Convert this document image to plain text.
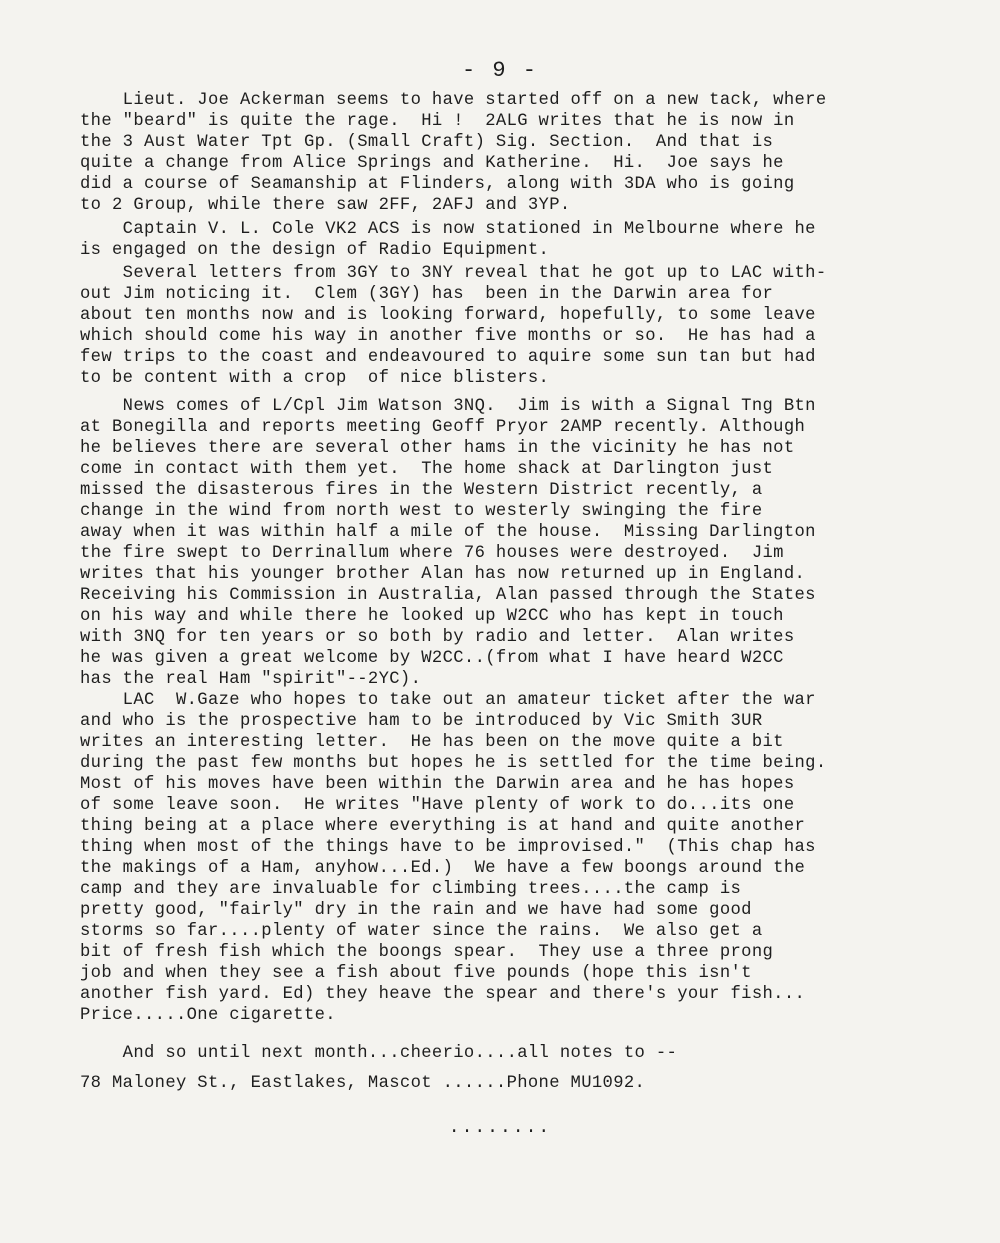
- 9 -
Lieut. Joe Ackerman seems to have started off on a new tack, where
the "beard" is quite the rage.  Hi !  2ALG writes that he is now in
the 3 Aust Water Tpt Gp. (Small Craft) Sig. Section.  And that is
quite a change from Alice Springs and Katherine.  Hi.  Joe says he
did a course of Seamanship at Flinders, along with 3DA who is going
to 2 Group, while there saw 2FF, 2AFJ and 3YP.
Captain V. L. Cole VK2 ACS is now stationed in Melbourne where he
is engaged on the design of Radio Equipment.
Several letters from 3GY to 3NY reveal that he got up to LAC with-
out Jim noticing it.  Clem (3GY) has  been in the Darwin area for
about ten months now and is looking forward, hopefully, to some leave
which should come his way in another five months or so.  He has had a
few trips to the coast and endeavoured to aquire some sun tan but had
to be content with a crop  of nice blisters.
News comes of L/Cpl Jim Watson 3NQ.  Jim is with a Signal Tng Btn
at Bonegilla and reports meeting Geoff Pryor 2AMP recently. Although
he believes there are several other hams in the vicinity he has not
come in contact with them yet.  The home shack at Darlington just
missed the disasterous fires in the Western District recently, a
change in the wind from north west to westerly swinging the fire
away when it was within half a mile of the house.  Missing Darlington
the fire swept to Derrinallum where 76 houses were destroyed.  Jim
writes that his younger brother Alan has now returned up in England.
Receiving his Commission in Australia, Alan passed through the States
on his way and while there he looked up W2CC who has kept in touch
with 3NQ for ten years or so both by radio and letter.  Alan writes
he was given a great welcome by W2CC..(from what I have heard W2CC
has the real Ham "spirit"--2YC).
LAC  W.Gaze who hopes to take out an amateur ticket after the war
and who is the prospective ham to be introduced by Vic Smith 3UR
writes an interesting letter.  He has been on the move quite a bit
during the past few months but hopes he is settled for the time being.
Most of his moves have been within the Darwin area and he has hopes
of some leave soon.  He writes "Have plenty of work to do...its one
thing being at a place where everything is at hand and quite another
thing when most of the things have to be improvised."  (This chap has
the makings of a Ham, anyhow...Ed.)  We have a few boongs around the
camp and they are invaluable for climbing trees....the camp is
pretty good, "fairly" dry in the rain and we have had some good
storms so far....plenty of water since the rains.  We also get a
bit of fresh fish which the boongs spear.  They use a three prong
job and when they see a fish about five pounds (hope this isn't
another fish yard. Ed) they heave the spear and there's your fish...
Price.....One cigarette.
And so until next month...cheerio....all notes to --
78 Maloney St., Eastlakes, Mascot ......Phone MU1092.
........
